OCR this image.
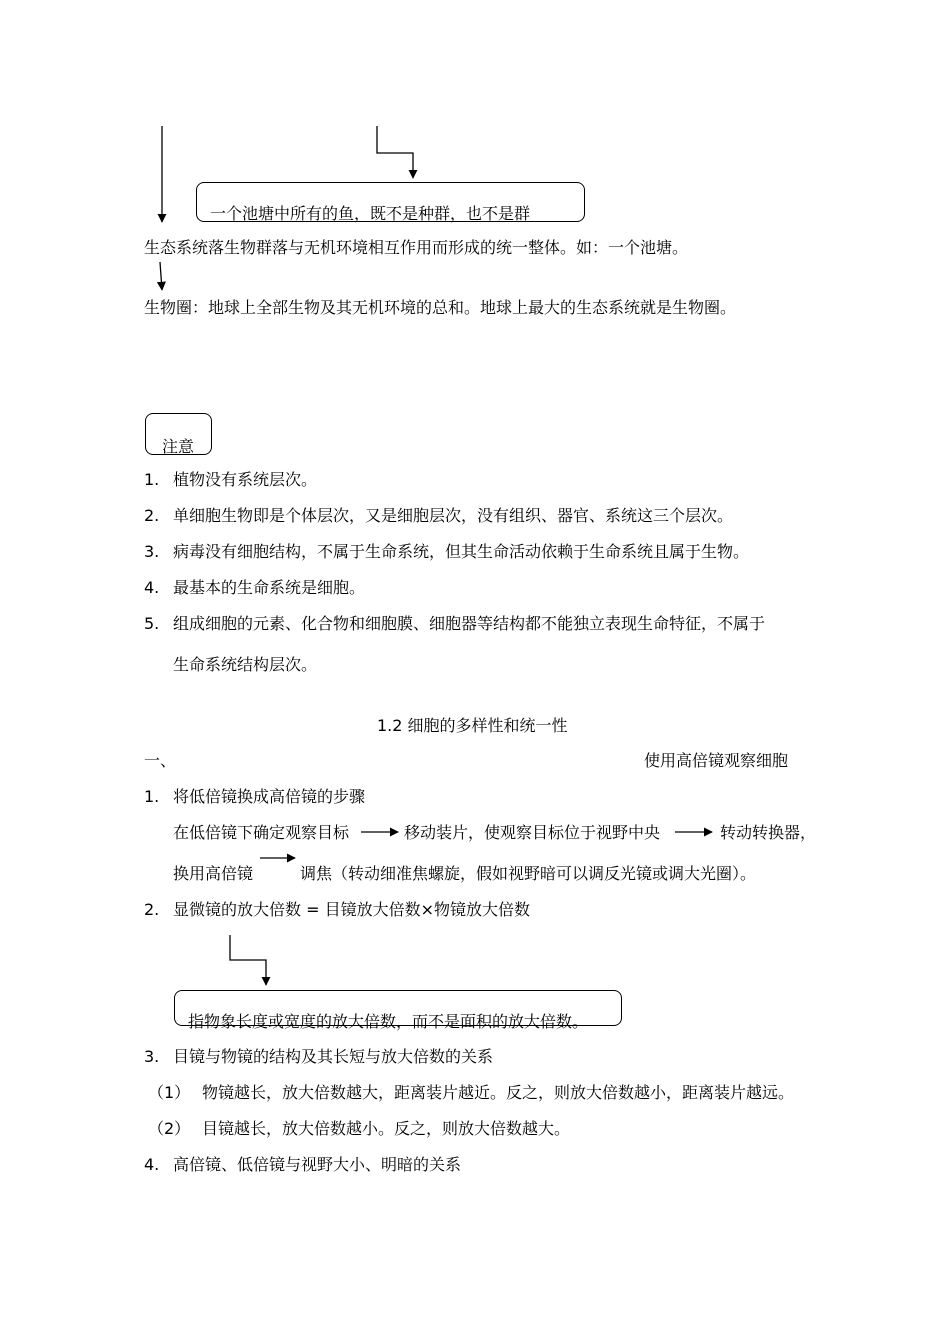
一个池塘中所有的鱼，既不是种群，也不是群
生态系统落生物群落与无机环境相互作用而形成的统一整体。如：一个池塘。
生物圈：地球上全部生物及其无机环境的总和。地球上最大的生态系统就是生物圈。
注意
1. 植物没有系统层次。
2. 单细胞生物即是个体层次，又是细胞层次，没有组织、器官、系统这三个层次。
3. 病毒没有细胞结构，不属于生命系统，但其生命活动依赖于生命系统且属于生物。
4. 最基本的生命系统是细胞。
5. 组成细胞的元素、化合物和细胞膜、细胞器等结构都不能独立表现生命特征，不属于
生命系统结构层次。
1.2 细胞的多样性和统一性
一、	使用高倍镜观察细胞
1. 将低倍镜换成高倍镜的步骤
在低倍镜下确定观察目标	移动装片，使观察目标位于视野中央	转动转换器，
换用高倍镜	调焦（转动细准焦螺旋，假如视野暗可以调反光镜或调大光圈）。
2. 显微镜的放大倍数 = 目镜放大倍数×物镜放大倍数
指物象长度或宽度的放大倍数，而不是面积的放大倍数。
3. 目镜与物镜的结构及其长短与放大倍数的关系
（1） 物镜越长，放大倍数越大，距离装片越近。反之，则放大倍数越小，距离装片越远。
（2） 目镜越长，放大倍数越小。反之，则放大倍数越大。
4. 高倍镜、低倍镜与视野大小、明暗的关系
